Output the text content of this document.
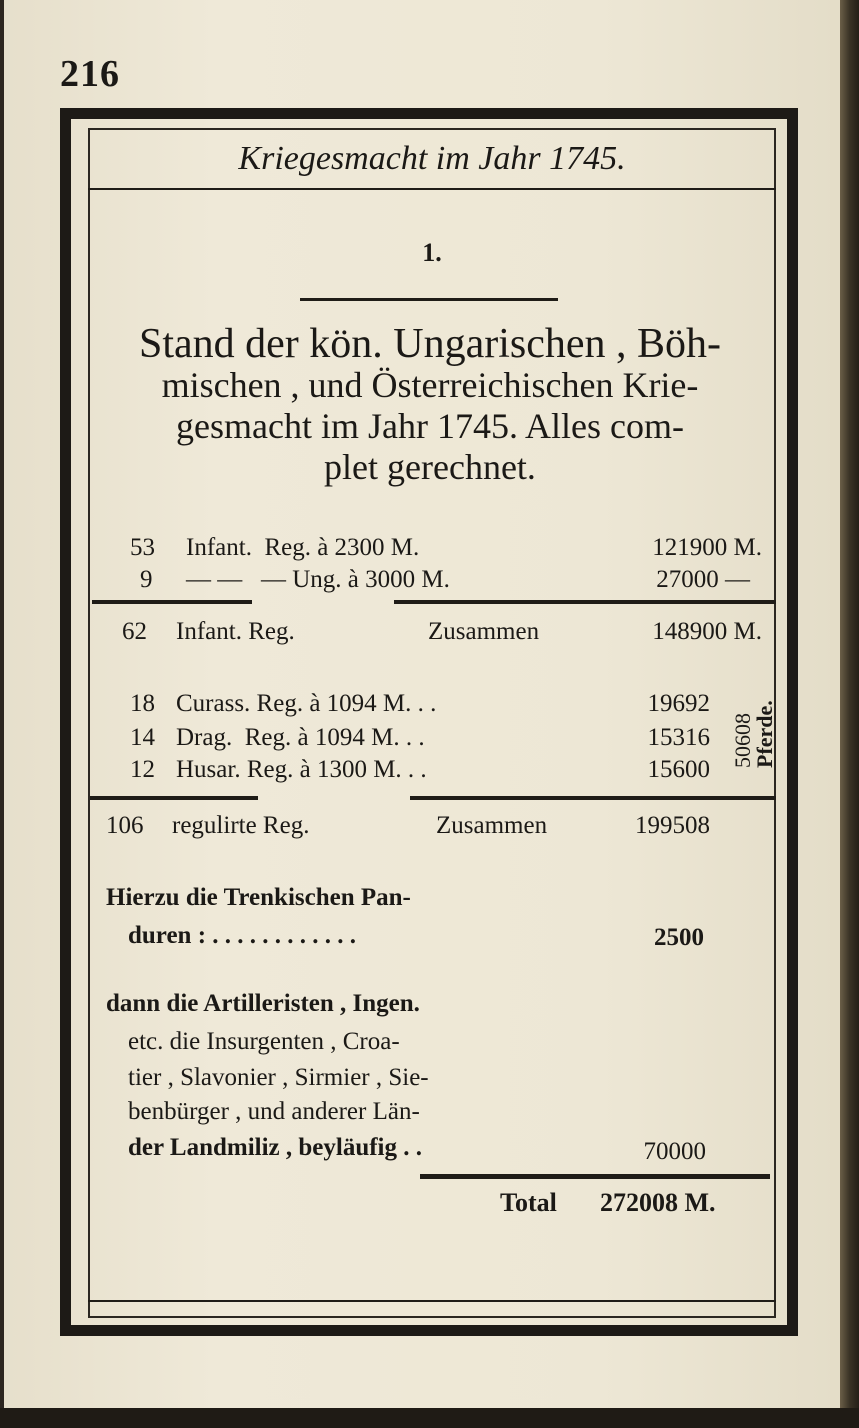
216
Kriegesmacht im Jahr 1745.
1.
Stand der kön. Ungarischen , Böh-
mischen , und Österreichischen Krie-
gesmacht im Jahr 1745. Alles com-
plet gerechnet.
53 Infant.  Reg. à 2300 M.	121900 M.
9 — —   — Ung. à 3000 M.	27000 —
62 Infant. Reg.	Zusammen	148900 M.
18 Curass. Reg. à 1094 M. . .	19692
14 Drag.  Reg. à 1094 M. . .	15316
12 Husar. Reg. à 1300 M. . .	15600
50608
Pferde.
106 regulirte Reg.	Zusammen	199508
Hierzu die Trenkischen Pan-
duren : . . . . . . . . . . . .	2500
dann die Artilleristen , Ingen.
etc. die Insurgenten , Croa-
tier , Slavonier , Sirmier , Sie-
benbürger , und anderer Län-
der Landmiliz , beyläufig . .	70000
Total 272008 M.
